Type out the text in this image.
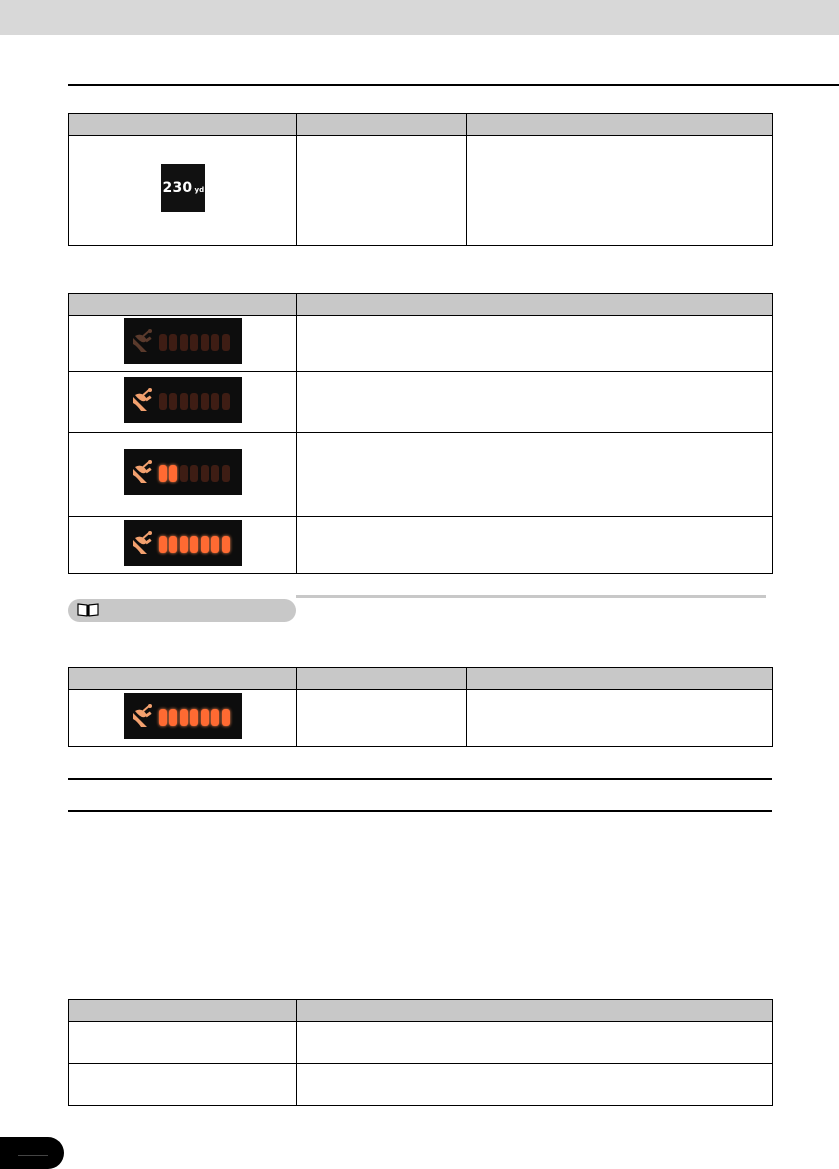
230 yd		
